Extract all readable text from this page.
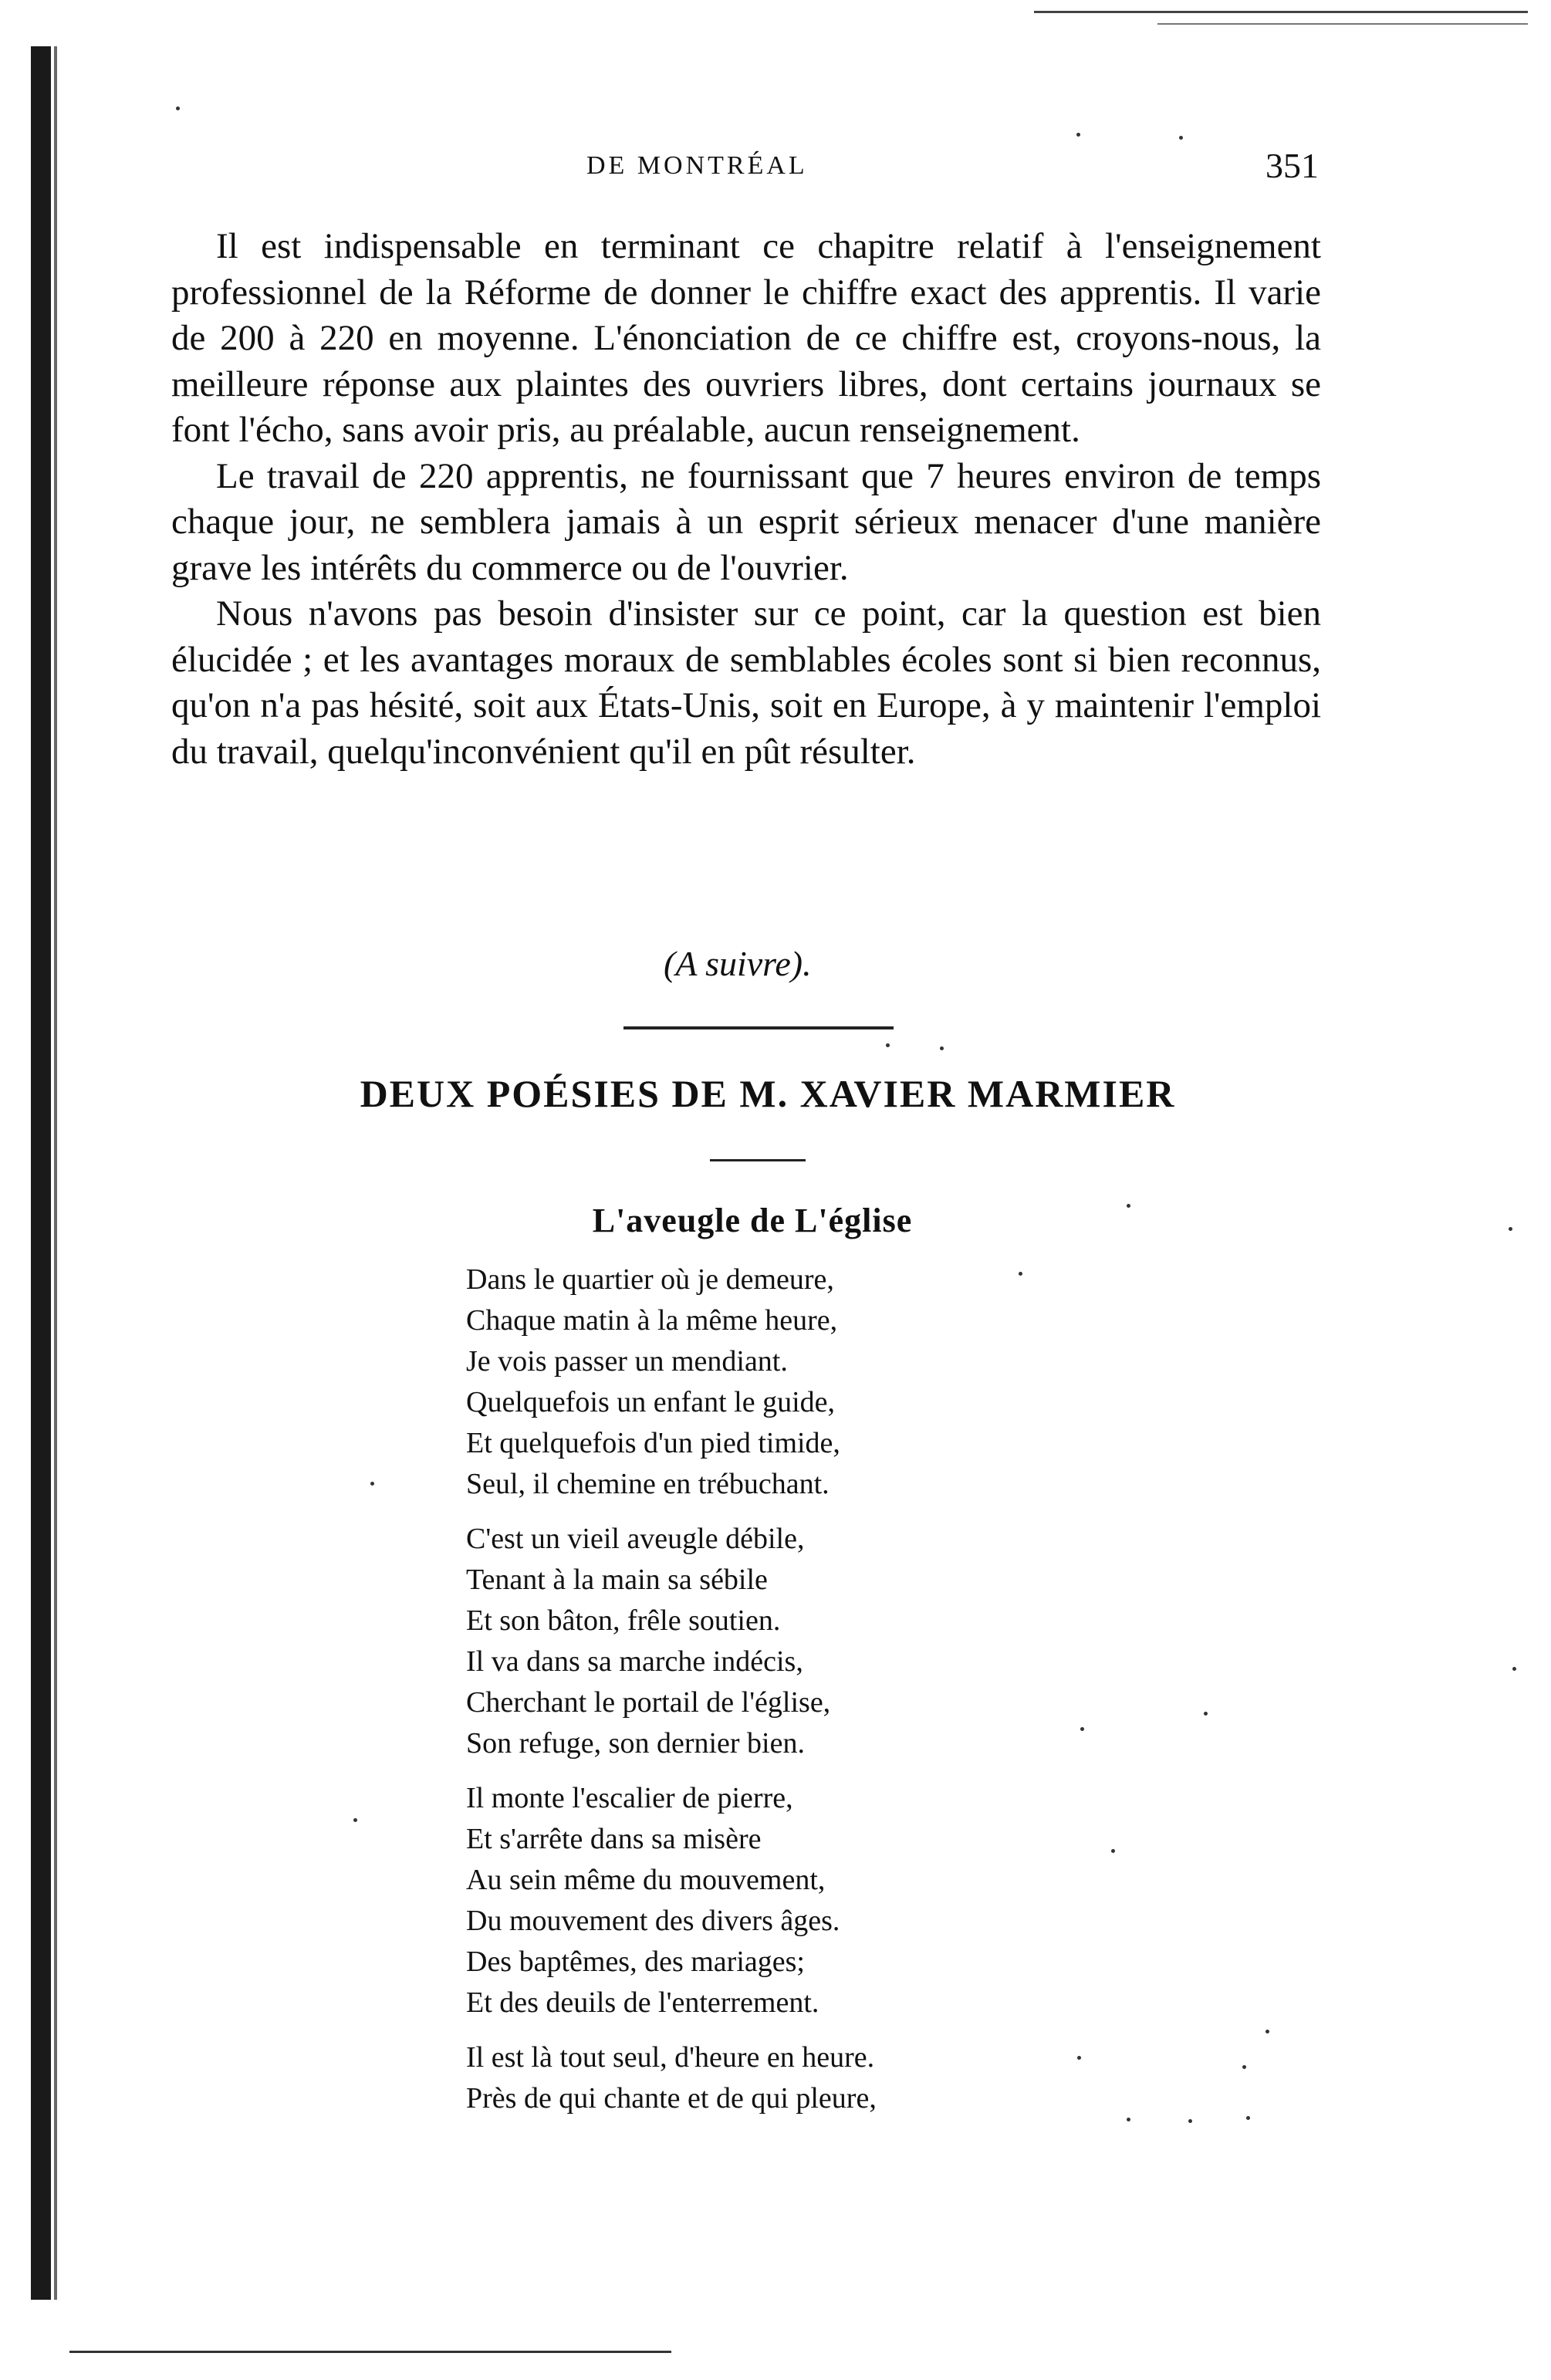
DE MONTRÉAL	351

Il est indispensable en terminant ce chapitre relatif à l'enseignement professionnel de la Réforme de donner le chiffre exact des apprentis. Il varie de 200 à 220 en moyenne. L'énonciation de ce chiffre est, croyons-nous, la meilleure réponse aux plaintes des ouvriers libres, dont certains journaux se font l'écho, sans avoir pris, au préalable, aucun renseignement.

Le travail de 220 apprentis, ne fournissant que 7 heures environ de temps chaque jour, ne semblera jamais à un esprit sérieux menacer d'une manière grave les intérêts du commerce ou de l'ouvrier.

Nous n'avons pas besoin d'insister sur ce point, car la question est bien élucidée ; et les avantages moraux de semblables écoles sont si bien reconnus, qu'on n'a pas hésité, soit aux États-Unis, soit en Europe, à y maintenir l'emploi du travail, quelqu'inconvénient qu'il en pût résulter.

(A suivre).
DEUX POÉSIES DE M. XAVIER MARMIER
L'aveugle de L'église
Dans le quartier où je demeure,
Chaque matin à la même heure,
Je vois passer un mendiant.
Quelquefois un enfant le guide,
Et quelquefois d'un pied timide,
Seul, il chemine en trébuchant.
C'est un vieil aveugle débile,
Tenant à la main sa sébile
Et son bâton, frêle soutien.
Il va dans sa marche indécis,
Cherchant le portail de l'église,
Son refuge, son dernier bien.
Il monte l'escalier de pierre,
Et s'arrête dans sa misère
Au sein même du mouvement,
Du mouvement des divers âges.
Des baptêmes, des mariages;
Et des deuils de l'enterrement.
Il est là tout seul, d'heure en heure.
Près de qui chante et de qui pleure,
